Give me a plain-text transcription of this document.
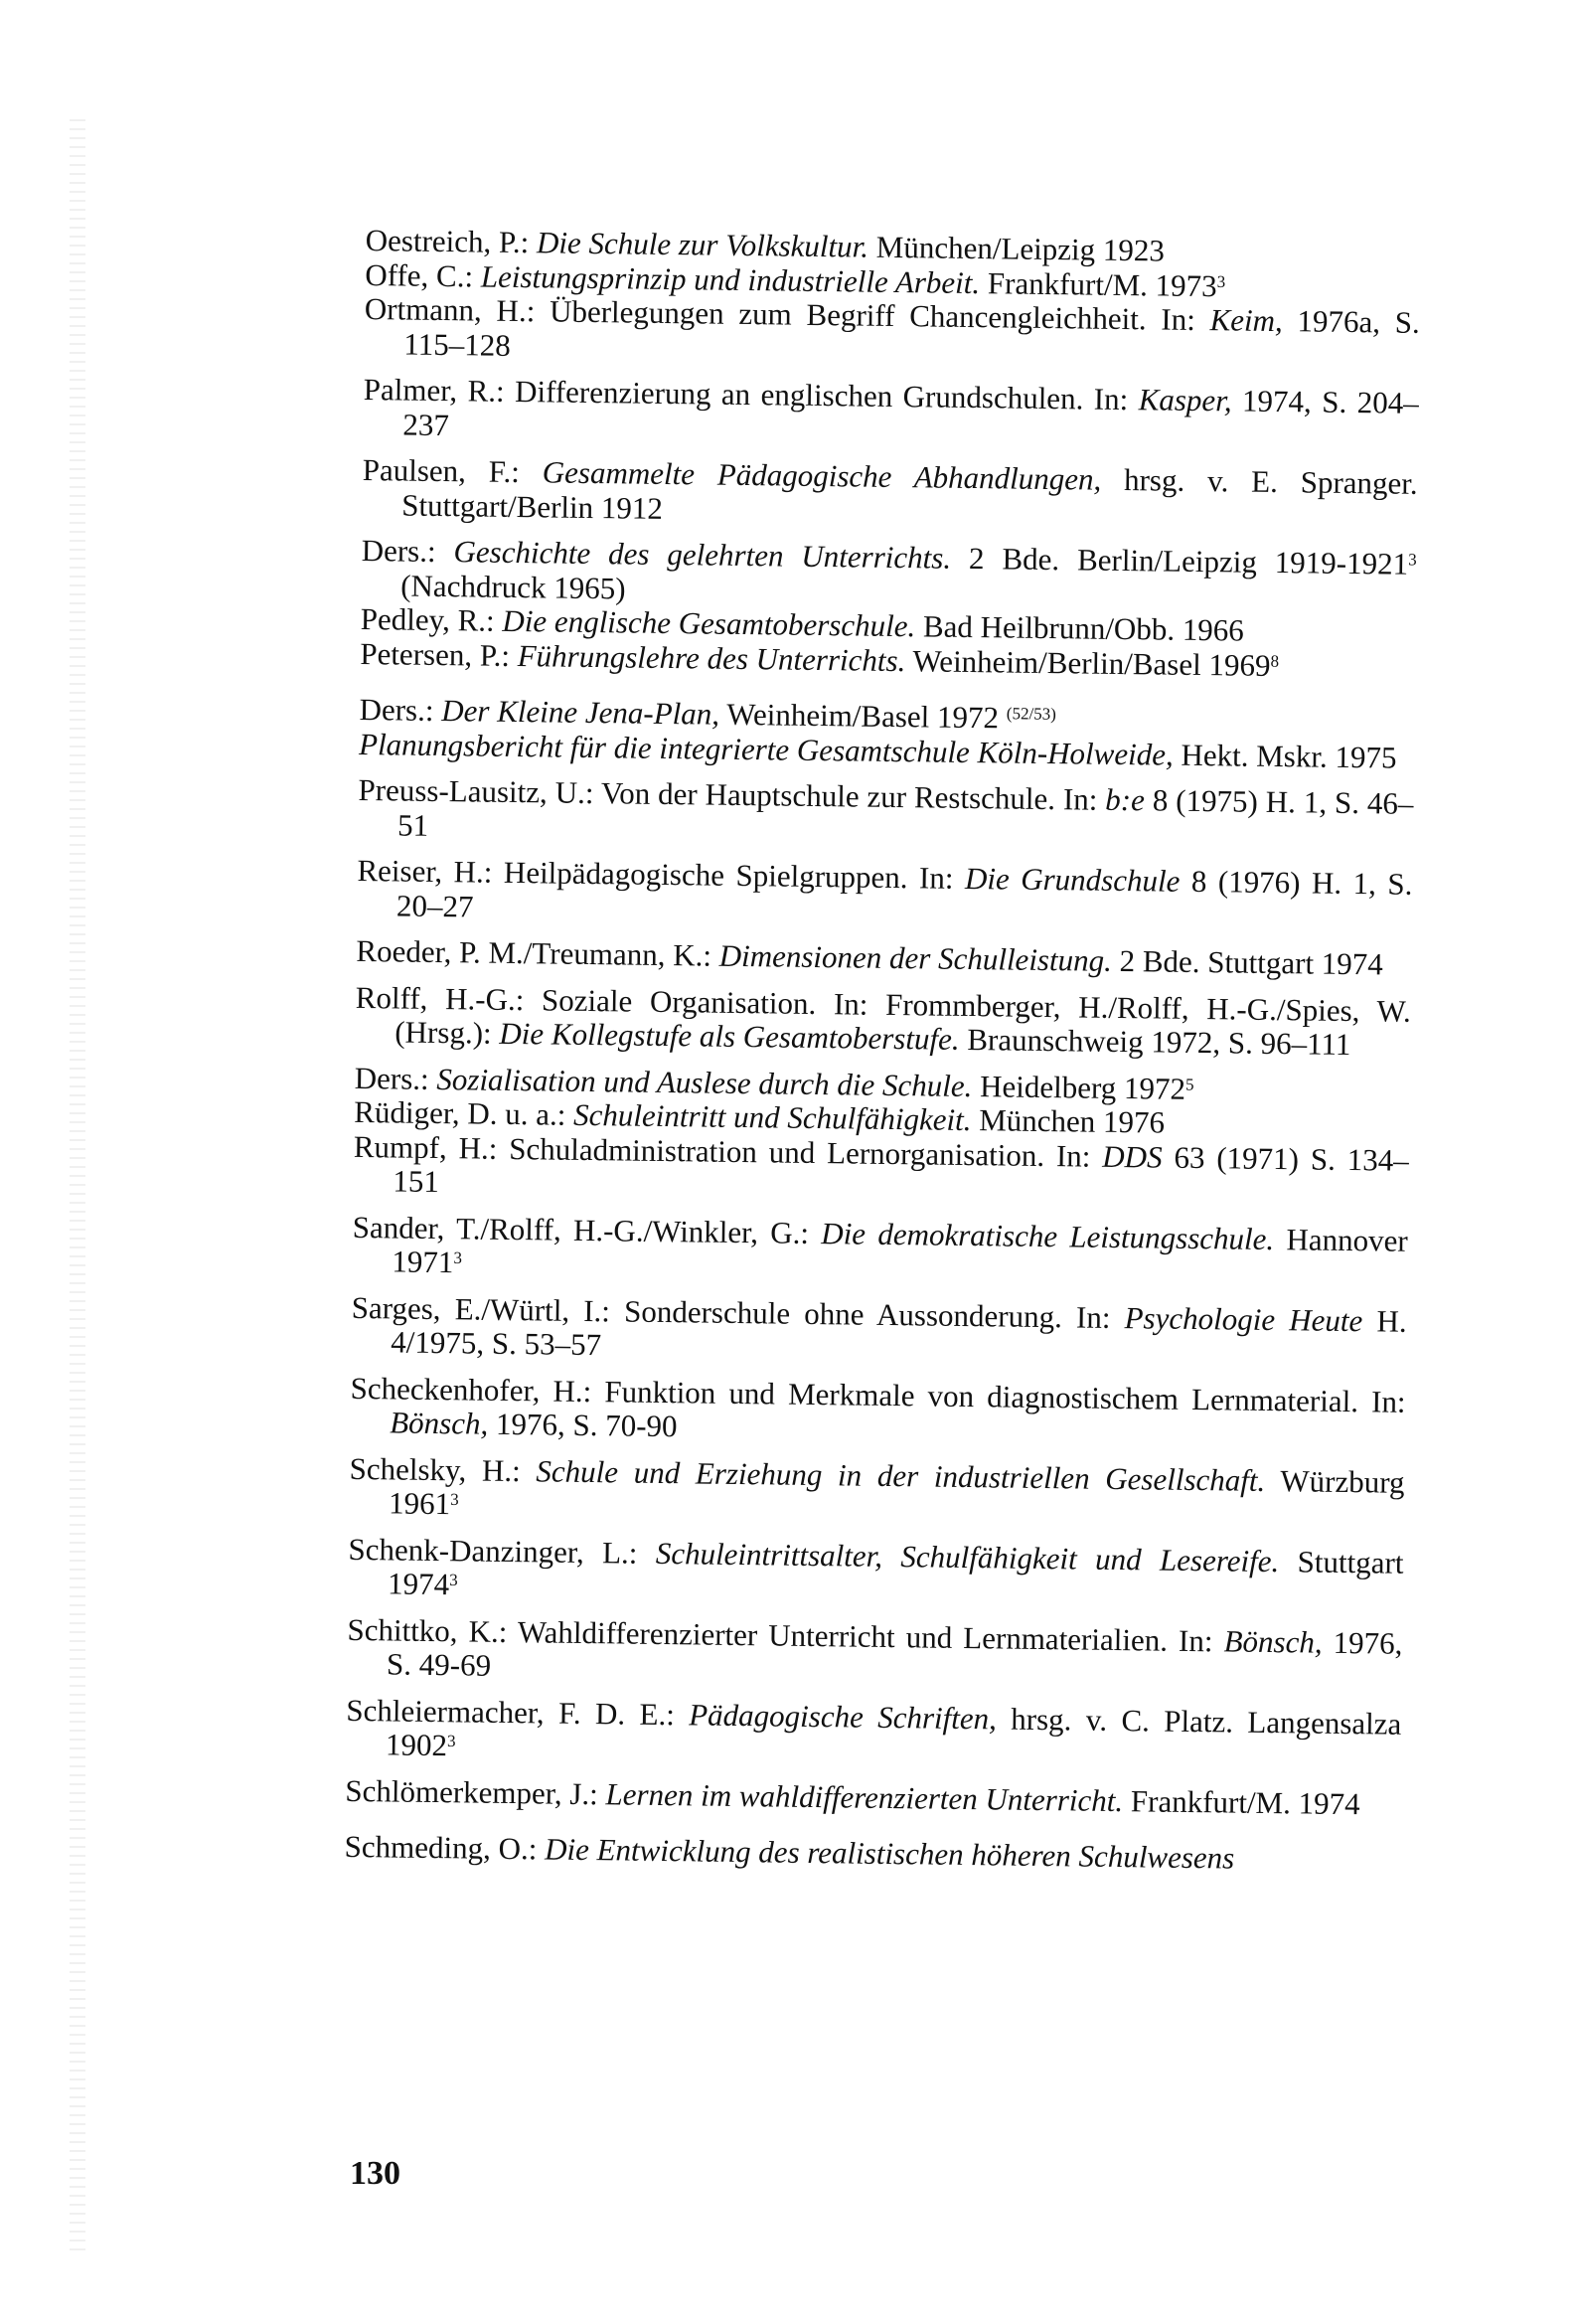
Oestreich, P.: Die Schule zur Volkskultur. München/Leipzig 1923

Offe, C.: Leistungsprinzip und industrielle Arbeit. Frankfurt/M. 1973$^3$

Ortmann, H.: Überlegungen zum Begriff Chancengleichheit. In: Keim, 1976a, S. 115–128

Palmer, R.: Differenzierung an englischen Grundschulen. In: Kasper, 1974, S. 204–237

Paulsen, F.: Gesammelte Pädagogische Abhandlungen, hrsg. v. E. Spranger. Stuttgart/Berlin 1912

Ders.: Geschichte des gelehrten Unterrichts. 2 Bde. Berlin/Leipzig 1919-1921$^3$ (Nachdruck 1965)

Pedley, R.: Die englische Gesamtoberschule. Bad Heilbrunn/Obb. 1966

Petersen, P.: Führungslehre des Unterrichts. Weinheim/Berlin/Basel 1969$^8$

Ders.: Der Kleine Jena-Plan, Weinheim/Basel 1972 $^{(52/53)}$

Planungsbericht für die integrierte Gesamtschule Köln-Holweide, Hekt. Mskr. 1975

Preuss-Lausitz, U.: Von der Hauptschule zur Restschule. In: b:e 8 (1975) H. 1, S. 46–51

Reiser, H.: Heilpädagogische Spielgruppen. In: Die Grundschule 8 (1976) H. 1, S. 20–27

Roeder, P. M./Treumann, K.: Dimensionen der Schulleistung. 2 Bde. Stuttgart 1974

Rolff, H.-G.: Soziale Organisation. In: Frommberger, H./Rolff, H.-G./Spies, W. (Hrsg.): Die Kollegstufe als Gesamtoberstufe. Braunschweig 1972, S. 96–111

Ders.: Sozialisation und Auslese durch die Schule. Heidelberg 1972$^5$

Rüdiger, D. u. a.: Schuleintritt und Schulfähigkeit. München 1976

Rumpf, H.: Schuladministration und Lernorganisation. In: DDS 63 (1971) S. 134–151

Sander, T./Rolff, H.-G./Winkler, G.: Die demokratische Leistungsschule. Hannover 1971$^3$

Sarges, E./Würtl, I.: Sonderschule ohne Aussonderung. In: Psychologie Heute H. 4/1975, S. 53–57

Scheckenhofer, H.: Funktion und Merkmale von diagnostischem Lernmaterial. In: Bönsch, 1976, S. 70-90

Schelsky, H.: Schule und Erziehung in der industriellen Gesellschaft. Würzburg 1961$^3$

Schenk-Danzinger, L.: Schuleintrittsalter, Schulfähigkeit und Lesereife. Stuttgart 1974$^3$

Schittko, K.: Wahldifferenzierter Unterricht und Lernmaterialien. In: Bönsch, 1976, S. 49-69

Schleiermacher, F. D. E.: Pädagogische Schriften, hrsg. v. C. Platz. Langensalza 1902$^3$

Schlömerkemper, J.: Lernen im wahldifferenzierten Unterricht. Frankfurt/M. 1974

Schmeding, O.: Die Entwicklung des realistischen höheren Schulwesens

130
